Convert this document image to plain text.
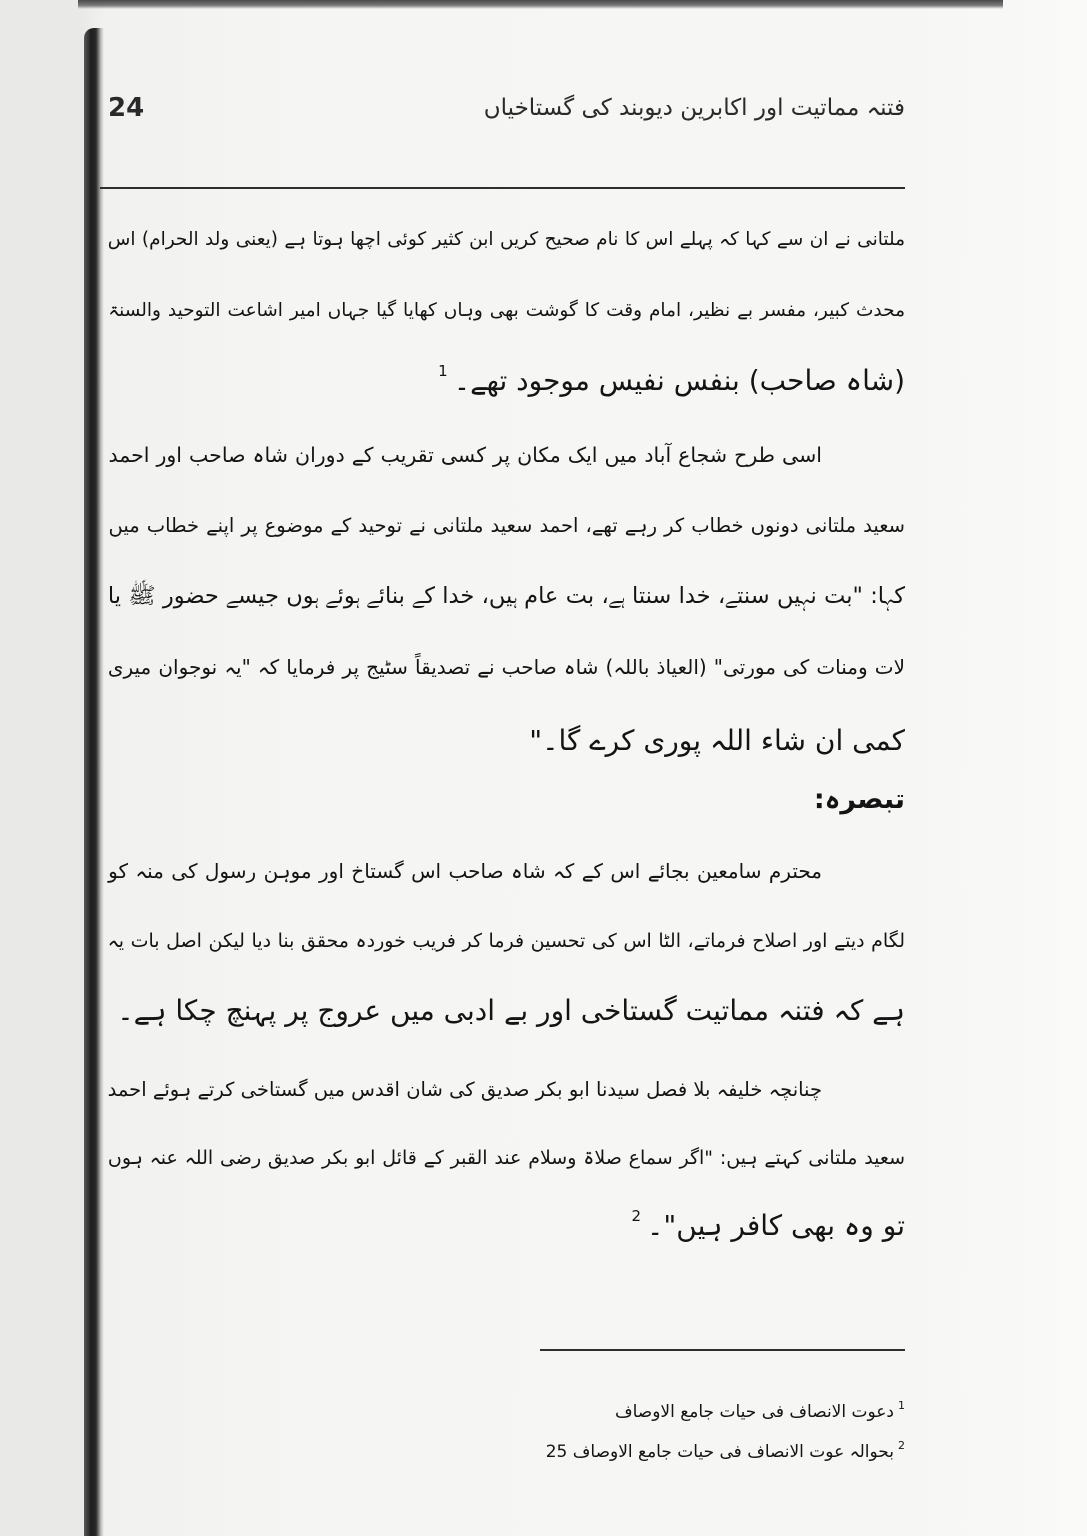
24	فتنہ مماتیت اور اکابرین دیوبند کی گستاخیاں
ملتانی نے ان سے کہا کہ پہلے اس کا نام صحیح کریں ابن کثیر کوئی اچھا ہوتا ہے (یعنی ولد الحرام) اس
محدث کبیر، مفسر بے نظیر، امام وقت کا گوشت بھی وہاں کھایا گیا جہاں امیر اشاعت التوحید والسنۃ
(شاہ صاحب) بنفس نفیس موجود تھے۔$^1$
اسی طرح شجاع آباد میں ایک مکان پر کسی تقریب کے دوران شاہ صاحب اور احمد
سعید ملتانی دونوں خطاب کر رہے تھے، احمد سعید ملتانی نے توحید کے موضوع پر اپنے خطاب میں
کہا: "بت نہیں سنتے، خدا سنتا ہے، بت عام ہیں، خدا کے بنائے ہوئے ہوں جیسے حضور ﷺ یا
لات ومنات کی مورتی" (العیاذ باللہ) شاہ صاحب نے تصدیقاً سٹیج پر فرمایا کہ "یہ نوجوان میری
کمی ان شاء اللہ پوری کرے گا۔"
تبصرہ:
محترم سامعین بجائے اس کے کہ شاہ صاحب اس گستاخ اور موہن رسول کی منہ کو
لگام دیتے اور اصلاح فرماتے، الٹا اس کی تحسین فرما کر فریب خوردہ محقق بنا دیا لیکن اصل بات یہ
ہے کہ فتنہ مماتیت گستاخی اور بے ادبی میں عروج پر پہنچ چکا ہے۔
چنانچہ خلیفہ بلا فصل سیدنا ابو بکر صدیق کی شان اقدس میں گستاخی کرتے ہوئے احمد
سعید ملتانی کہتے ہیں: "اگر سماع صلاۃ وسلام عند القبر کے قائل ابو بکر صدیق رضی اللہ عنہ ہوں
تو وہ بھی کافر ہیں"۔$^2$
$^1$دعوت الانصاف فی حیات جامع الاوصاف
$^2$بحوالہ عوت الانصاف فی حیات جامع الاوصاف 25
